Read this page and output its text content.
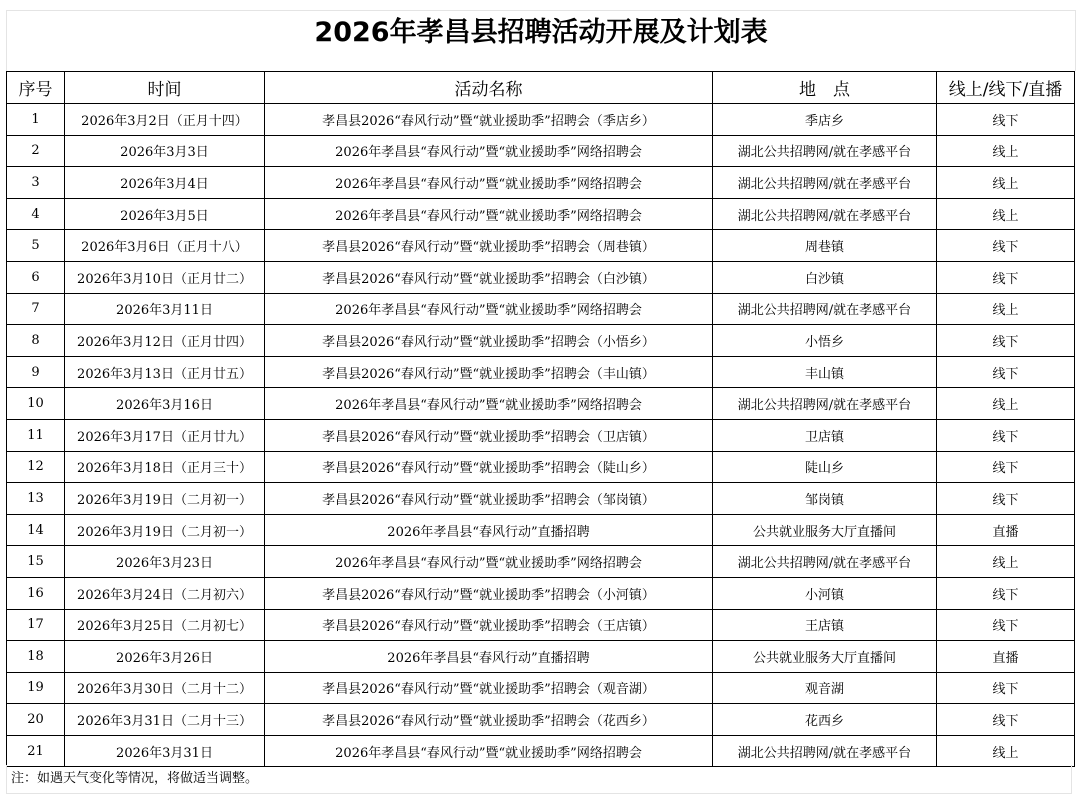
2026年孝昌县招聘活动开展及计划表
序号	时间	活动名称	地　点	线上/线下/直播
1	2026年3月2日（正月十四）	孝昌县2026“春风行动”暨“就业援助季”招聘会（季店乡）	季店乡	线下
2	2026年3月3日	2026年孝昌县“春风行动”暨“就业援助季”网络招聘会	湖北公共招聘网/就在孝感平台	线上
3	2026年3月4日	2026年孝昌县“春风行动”暨“就业援助季”网络招聘会	湖北公共招聘网/就在孝感平台	线上
4	2026年3月5日	2026年孝昌县“春风行动”暨“就业援助季”网络招聘会	湖北公共招聘网/就在孝感平台	线上
5	2026年3月6日（正月十八）	孝昌县2026“春风行动”暨“就业援助季”招聘会（周巷镇）	周巷镇	线下
6	2026年3月10日（正月廿二）	孝昌县2026“春风行动”暨“就业援助季”招聘会（白沙镇）	白沙镇	线下
7	2026年3月11日	2026年孝昌县“春风行动”暨“就业援助季”网络招聘会	湖北公共招聘网/就在孝感平台	线上
8	2026年3月12日（正月廿四）	孝昌县2026“春风行动”暨“就业援助季”招聘会（小悟乡）	小悟乡	线下
9	2026年3月13日（正月廿五）	孝昌县2026“春风行动”暨“就业援助季”招聘会（丰山镇）	丰山镇	线下
10	2026年3月16日	2026年孝昌县“春风行动”暨“就业援助季”网络招聘会	湖北公共招聘网/就在孝感平台	线上
11	2026年3月17日（正月廿九）	孝昌县2026“春风行动”暨“就业援助季”招聘会（卫店镇）	卫店镇	线下
12	2026年3月18日（正月三十）	孝昌县2026“春风行动”暨“就业援助季”招聘会（陡山乡）	陡山乡	线下
13	2026年3月19日（二月初一）	孝昌县2026“春风行动”暨“就业援助季”招聘会（邹岗镇）	邹岗镇	线下
14	2026年3月19日（二月初一）	2026年孝昌县“春风行动”直播招聘	公共就业服务大厅直播间	直播
15	2026年3月23日	2026年孝昌县“春风行动”暨“就业援助季”网络招聘会	湖北公共招聘网/就在孝感平台	线上
16	2026年3月24日（二月初六）	孝昌县2026“春风行动”暨“就业援助季”招聘会（小河镇）	小河镇	线下
17	2026年3月25日（二月初七）	孝昌县2026“春风行动”暨“就业援助季”招聘会（王店镇）	王店镇	线下
18	2026年3月26日	2026年孝昌县“春风行动”直播招聘	公共就业服务大厅直播间	直播
19	2026年3月30日（二月十二）	孝昌县2026“春风行动”暨“就业援助季”招聘会（观音湖）	观音湖	线下
20	2026年3月31日（二月十三）	孝昌县2026“春风行动”暨“就业援助季”招聘会（花西乡）	花西乡	线下
21	2026年3月31日	2026年孝昌县“春风行动”暨“就业援助季”网络招聘会	湖北公共招聘网/就在孝感平台	线上
注：如遇天气变化等情况，将做适当调整。
